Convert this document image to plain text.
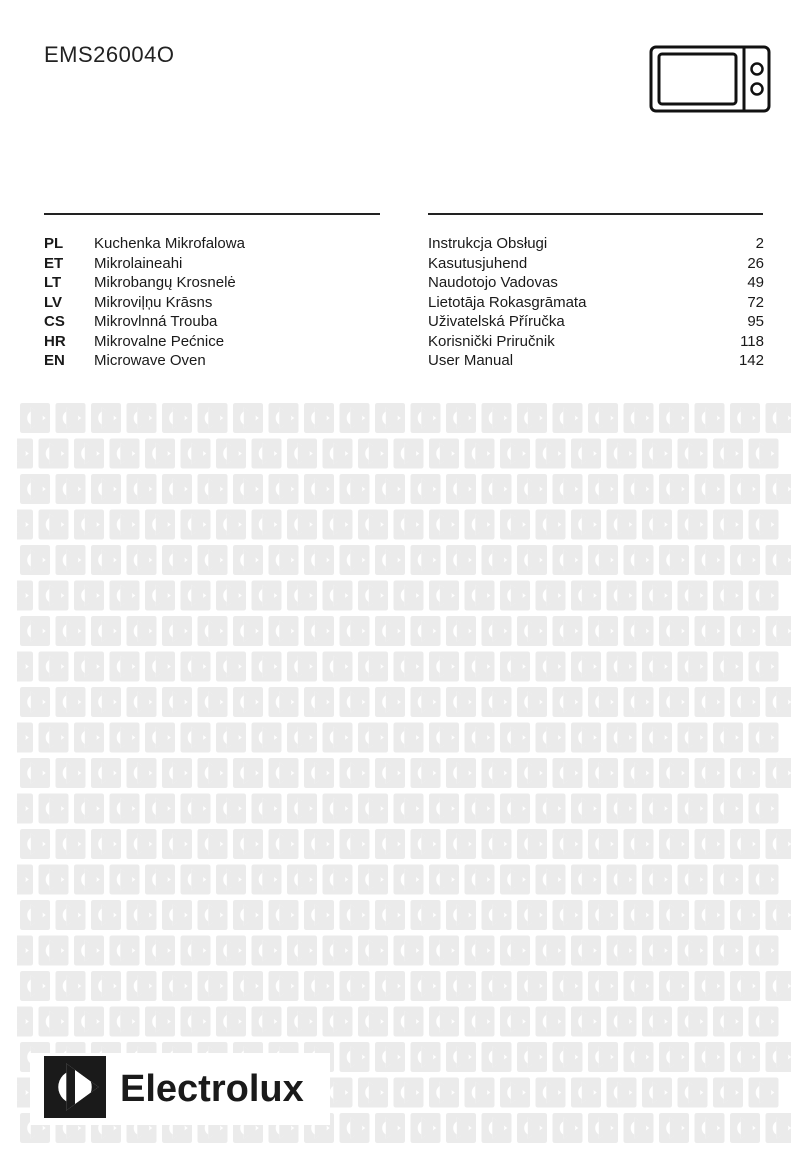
EMS26004O
PL Kuchenka Mikrofalowa	Instrukcja Obsługi	2
ET Mikrolaineahi	Kasutusjuhend	26
LT Mikrobangų Krosnelė	Naudotojo Vadovas	49
LV Mikroviļņu Krāsns	Lietotāja Rokasgrāmata	72
CS Mikrovlnná Trouba	Uživatelská Příručka	95
HR Mikrovalne Pećnice	Korisnički Priručnik	118
EN Microwave Oven	User Manual	142
Electrolux
